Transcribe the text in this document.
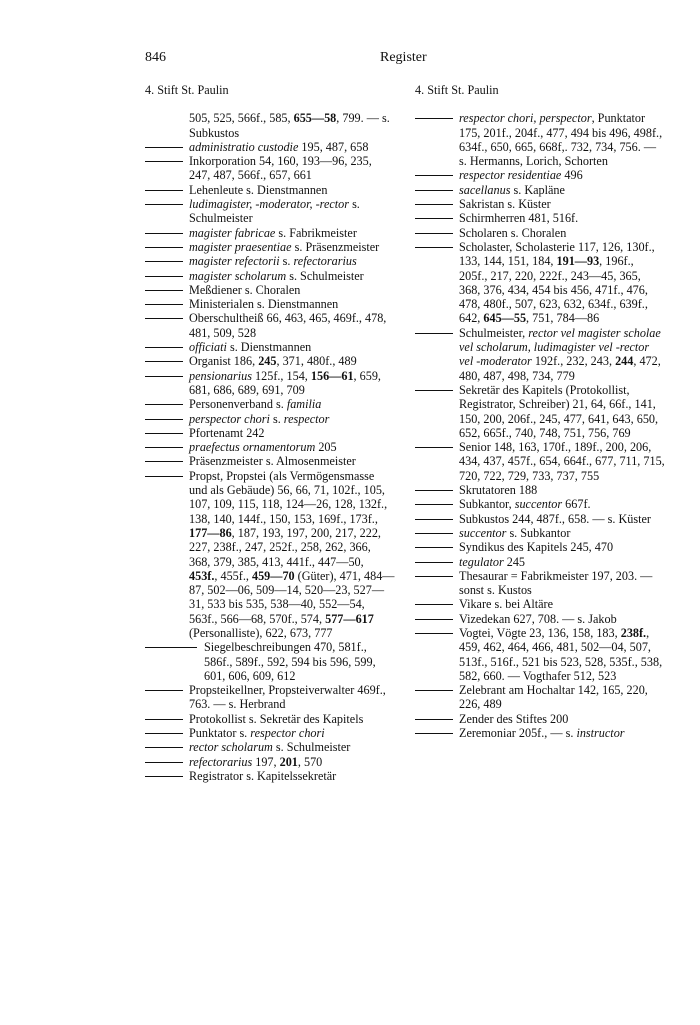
846	Register
4. Stift St. Paulin
505, 525, 566f., 585, 655—58, 799. — s. Subkustos
administratio custodie 195, 487, 658
Inkorporation 54, 160, 193—96, 235, 247, 487, 566f., 657, 661
Lehenleute s. Dienstmannen
ludimagister, -moderator, -rector s. Schulmeister
magister fabricae s. Fabrikmeister
magister praesentiae s. Präsenzmeister
magister refectorii s. refectorarius
magister scholarum s. Schulmeister
Meßdiener s. Choralen
Ministerialen s. Dienstmannen
Oberschultheiß 66, 463, 465, 469f., 478, 481, 509, 528
officiati s. Dienstmannen
Organist 186, 245, 371, 480f., 489
pensionarius 125f., 154, 156—61, 659, 681, 686, 689, 691, 709
Personenverband s. familia
perspector chori s. respector
Pfortenamt 242
praefectus ornamentorum 205
Präsenzmeister s. Almosenmeister
Propst, Propstei (als Vermögensmasse und als Gebäude) 56, 66, 71, 102f., 105, 107, 109, 115, 118, 124—26, 128, 132f., 138, 140, 144f., 150, 153, 169f., 173f., 177—86, 187, 193, 197, 200, 217, 222, 227, 238f., 247, 252f., 258, 262, 366, 368, 379, 385, 413, 441f., 447—50, 453f., 455f., 459—70 (Güter), 471, 484—87, 502—06, 509—14, 520—23, 527—31, 533 bis 535, 538—40, 552—54, 563f., 566—68, 570f., 574, 577—617 (Personalliste), 622, 673, 777
Siegelbeschreibungen 470, 581f., 586f., 589f., 592, 594 bis 596, 599, 601, 606, 609, 612
Propsteikellner, Propsteiverwalter 469f., 763. — s. Herbrand
Protokollist s. Sekretär des Kapitels
Punktator s. respector chori
rector scholarum s. Schulmeister
refectorarius 197, 201, 570
Registrator s. Kapitelssekretär
4. Stift St. Paulin
respector chori, perspector, Punktator 175, 201f., 204f., 477, 494 bis 496, 498f., 634f., 650, 665, 668f,. 732, 734, 756. — s. Hermanns, Lorich, Schorten
respector residentiae 496
sacellanus s. Kapläne
Sakristan s. Küster
Schirmherren 481, 516f.
Scholaren s. Choralen
Scholaster, Scholasterie 117, 126, 130f., 133, 144, 151, 184, 191—93, 196f., 205f., 217, 220, 222f., 243—45, 365, 368, 376, 434, 454 bis 456, 471f., 476, 478, 480f., 507, 623, 632, 634f., 639f., 642, 645—55, 751, 784—86
Schulmeister, rector vel magister scholae vel scholarum, ludimagister vel -rector vel -moderator 192f., 232, 243, 244, 472, 480, 487, 498, 734, 779
Sekretär des Kapitels (Protokollist, Registrator, Schreiber) 21, 64, 66f., 141, 150, 200, 206f., 245, 477, 641, 643, 650, 652, 665f., 740, 748, 751, 756, 769
Senior 148, 163, 170f., 189f., 200, 206, 434, 437, 457f., 654, 664f., 677, 711, 715, 720, 722, 729, 733, 737, 755
Skrutatoren 188
Subkantor, succentor 667f.
Subkustos 244, 487f., 658. — s. Küster
succentor s. Subkantor
Syndikus des Kapitels 245, 470
tegulator 245
Thesaurar = Fabrikmeister 197, 203. — sonst s. Kustos
Vikare s. bei Altäre
Vizedekan 627, 708. — s. Jakob
Vogtei, Vögte 23, 136, 158, 183, 238f., 459, 462, 464, 466, 481, 502—04, 507, 513f., 516f., 521 bis 523, 528, 535f., 538, 582, 660. — Vogthafer 512, 523
Zelebrant am Hochaltar 142, 165, 220, 226, 489
Zender des Stiftes 200
Zeremoniar 205f., — s. instructor
